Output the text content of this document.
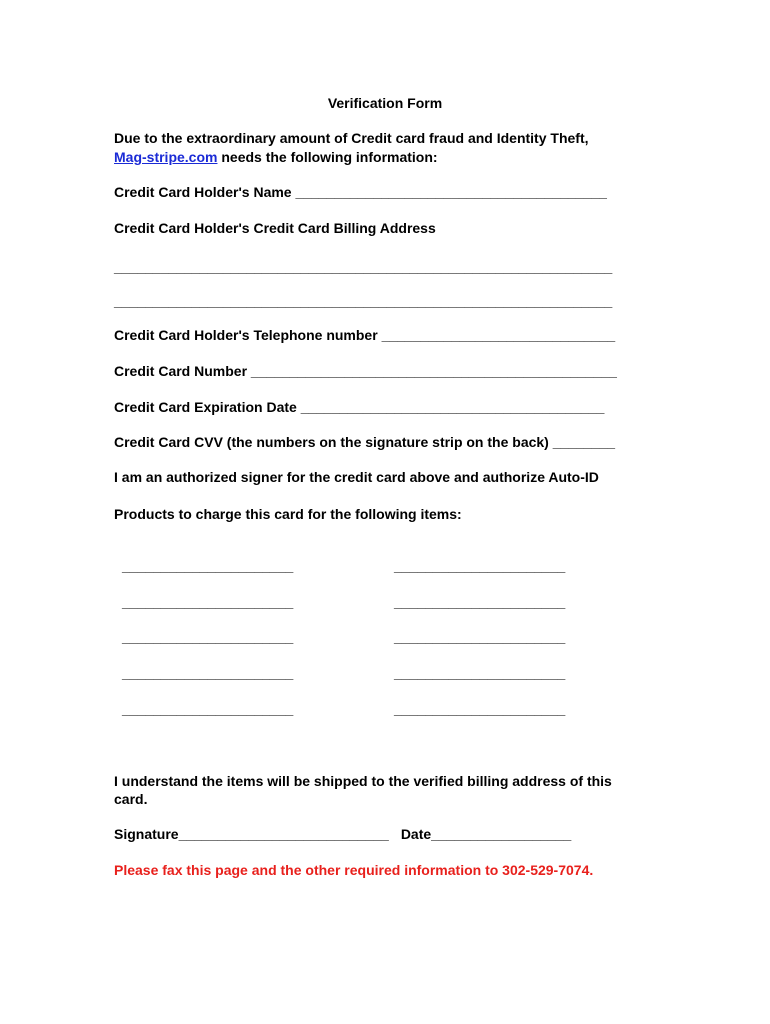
Verification Form
Due to the extraordinary amount of Credit card fraud and Identity Theft,
Mag-stripe.com needs the following information:
Credit Card Holder's Name ________________________________________
Credit Card Holder's Credit Card Billing Address
________________________________________________________________
________________________________________________________________
Credit Card Holder's Telephone number ______________________________
Credit Card Number _______________________________________________
Credit Card Expiration Date _______________________________________
Credit Card CVV (the numbers on the signature strip on the back) ________
I am an authorized signer for the credit card above and authorize Auto-ID
Products to charge this card for the following items:
______________________	______________________
______________________	______________________
______________________	______________________
______________________	______________________
______________________	______________________
I understand the items will be shipped to the verified billing address of this
card.
Signature___________________________ Date__________________
Please fax this page and the other required information to 302-529-7074.
